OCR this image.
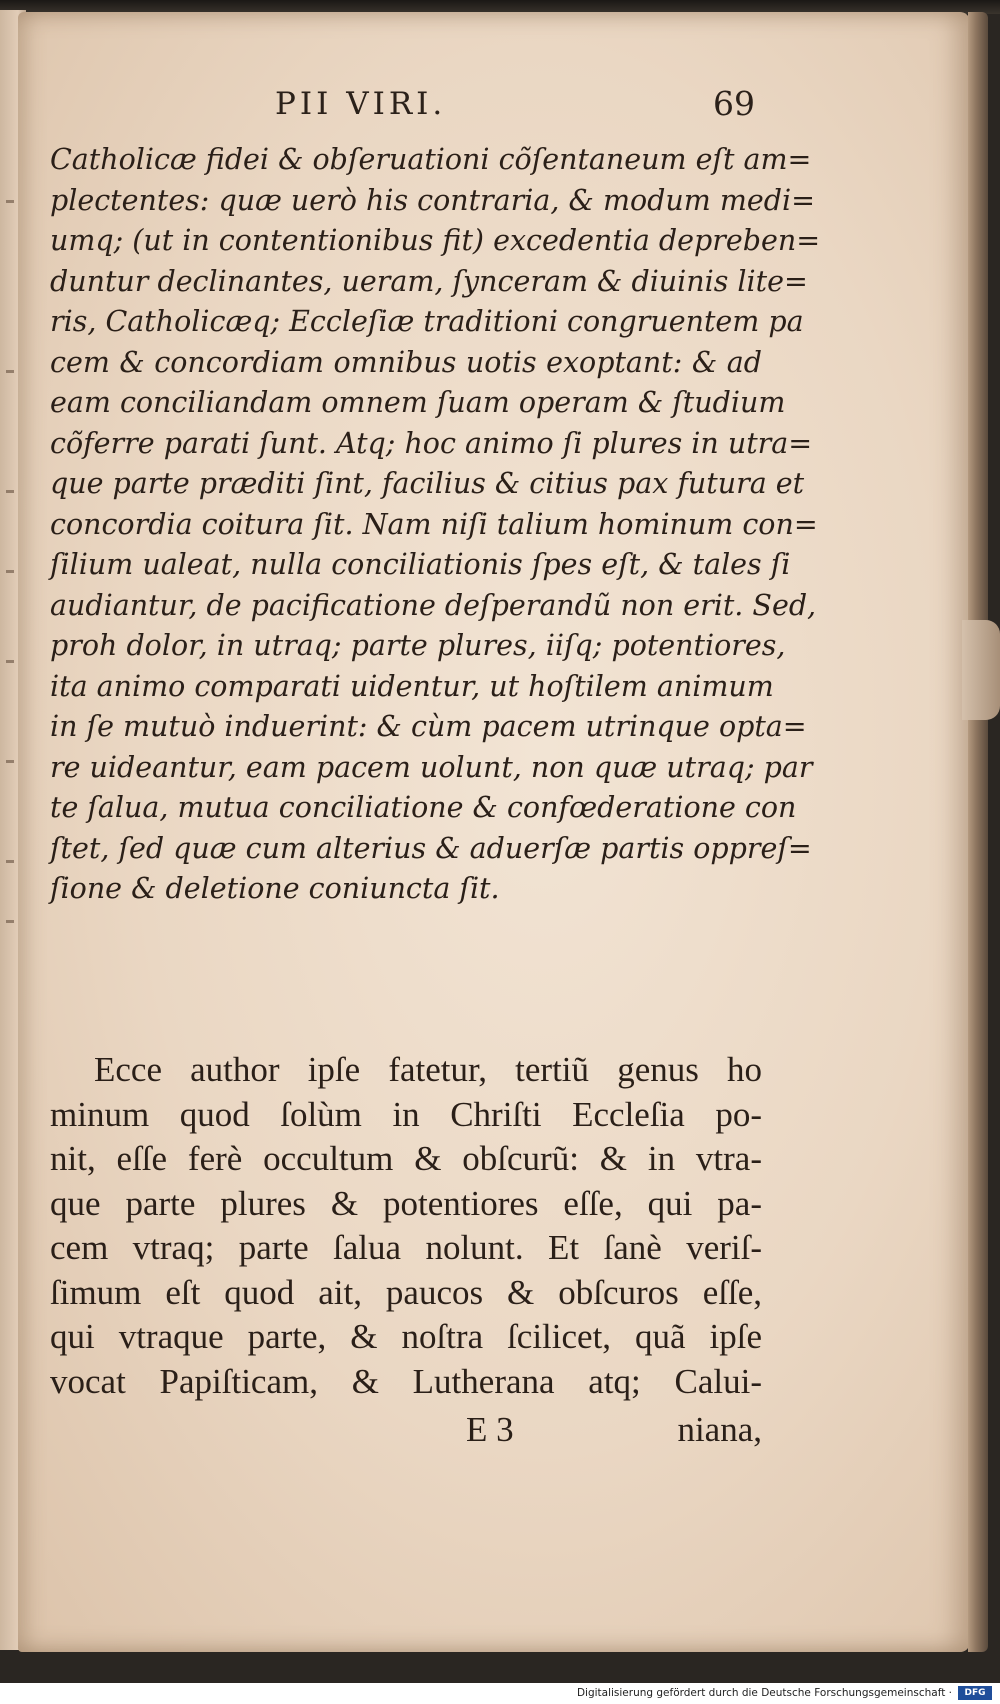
PII VIRI.	69
Catholicæ fidei & obſeruationi cõſentaneum eſt am=
plectentes: quæ uerò his contraria, & modum medi=
umq; (ut in contentionibus fit) excedentia depreben=
duntur declinantes, ueram, ſynceram & diuinis lite=
ris, Catholicæq; Eccleſiæ traditioni congruentem pa
cem & concordiam omnibus uotis exoptant: & ad
eam conciliandam omnem ſuam operam & ſtudium
cõferre parati ſunt. Atq; hoc animo ſi plures in utra=
que parte præditi ſint, facilius & citius pax futura et
concordia coitura ſit. Nam niſi talium hominum con=
ſilium ualeat, nulla conciliationis ſpes eſt, & tales ſi
audiantur, de pacificatione deſperandũ non erit. Sed,
proh dolor, in utraq; parte plures, iiſq; potentiores,
ita animo comparati uidentur, ut hoſtilem animum
in ſe mutuò induerint: & cùm pacem utrinque opta=
re uideantur, eam pacem uolunt, non quæ utraq; par
te ſalua, mutua conciliatione & confœderatione con
ſtet, ſed quæ cum alterius & aduerſæ partis oppreſ=
ſione & deletione coniuncta ſit.
Ecce author ipſe fatetur, tertiũ genus ho
minum quod ſolùm in Chriſti Eccleſia po-
nit, eſſe ferè occultum & obſcurũ: & in vtra-
que parte plures & potentiores eſſe, qui pa-
cem vtraq; parte ſalua nolunt. Et ſanè veriſ-
ſimum eſt quod ait, paucos & obſcuros eſſe,
qui vtraque parte, & noſtra ſcilicet, quã ipſe
vocat Papiſticam, & Lutherana atq; Calui-
E 3	niana,
Digitalisierung gefördert durch die Deutsche Forschungsgemeinschaft ·	DFG
